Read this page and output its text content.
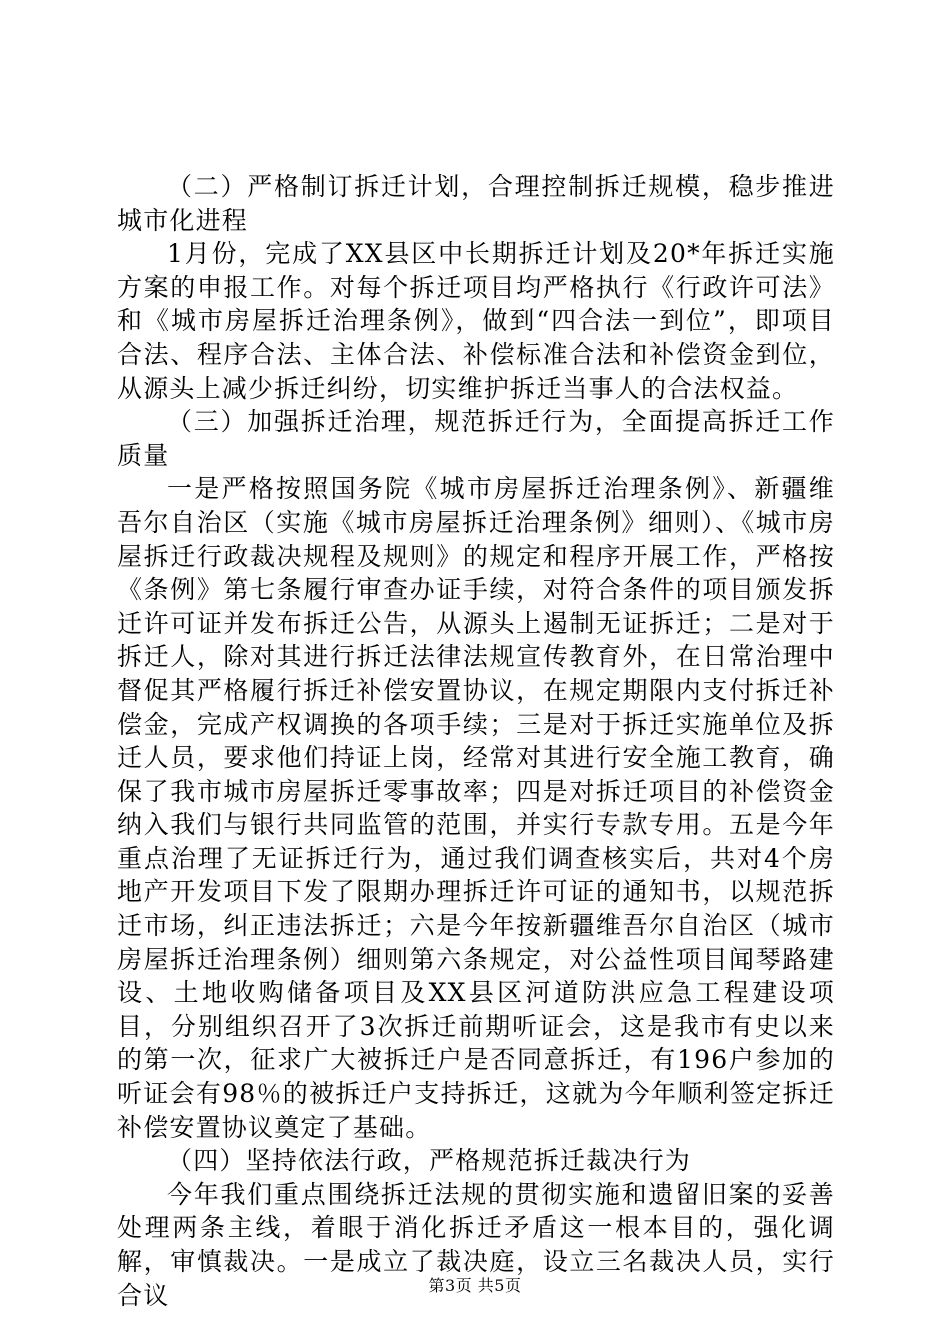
（二）严格制订拆迁计划，合理控制拆迁规模，稳步推进城市化进程

1月份，完成了XX县区中长期拆迁计划及20*年拆迁实施方案的申报工作。对每个拆迁项目均严格执行《行政许可法》和《城市房屋拆迁治理条例》，做到“四合法一到位”，即项目合法、程序合法、主体合法、补偿标准合法和补偿资金到位，从源头上减少拆迁纠纷，切实维护拆迁当事人的合法权益。

（三）加强拆迁治理，规范拆迁行为，全面提高拆迁工作质量

一是严格按照国务院《城市房屋拆迁治理条例》、新疆维吾尔自治区（实施《城市房屋拆迁治理条例》细则）、《城市房屋拆迁行政裁决规程及规则》的规定和程序开展工作，严格按《条例》第七条履行审查办证手续，对符合条件的项目颁发拆迁许可证并发布拆迁公告，从源头上遏制无证拆迁；二是对于拆迁人，除对其进行拆迁法律法规宣传教育外，在日常治理中督促其严格履行拆迁补偿安置协议，在规定期限内支付拆迁补偿金，完成产权调换的各项手续；三是对于拆迁实施单位及拆迁人员，要求他们持证上岗，经常对其进行安全施工教育，确保了我市城市房屋拆迁零事故率；四是对拆迁项目的补偿资金纳入我们与银行共同监管的范围，并实行专款专用。五是今年重点治理了无证拆迁行为，通过我们调查核实后，共对4个房地产开发项目下发了限期办理拆迁许可证的通知书，以规范拆迁市场，纠正违法拆迁；六是今年按新疆维吾尔自治区（城市房屋拆迁治理条例）细则第六条规定，对公益性项目闻琴路建设、土地收购储备项目及XX县区河道防洪应急工程建设项目，分别组织召开了3次拆迁前期听证会，这是我市有史以来的第一次，征求广大被拆迁户是否同意拆迁，有196户参加的听证会有98％的被拆迁户支持拆迁，这就为今年顺利签定拆迁补偿安置协议奠定了基础。

（四）坚持依法行政，严格规范拆迁裁决行为

今年我们重点围绕拆迁法规的贯彻实施和遗留旧案的妥善处理两条主线，着眼于消化拆迁矛盾这一根本目的，强化调解，审慎裁决。一是成立了裁决庭，设立三名裁决人员，实行合议	第3页 共5页
